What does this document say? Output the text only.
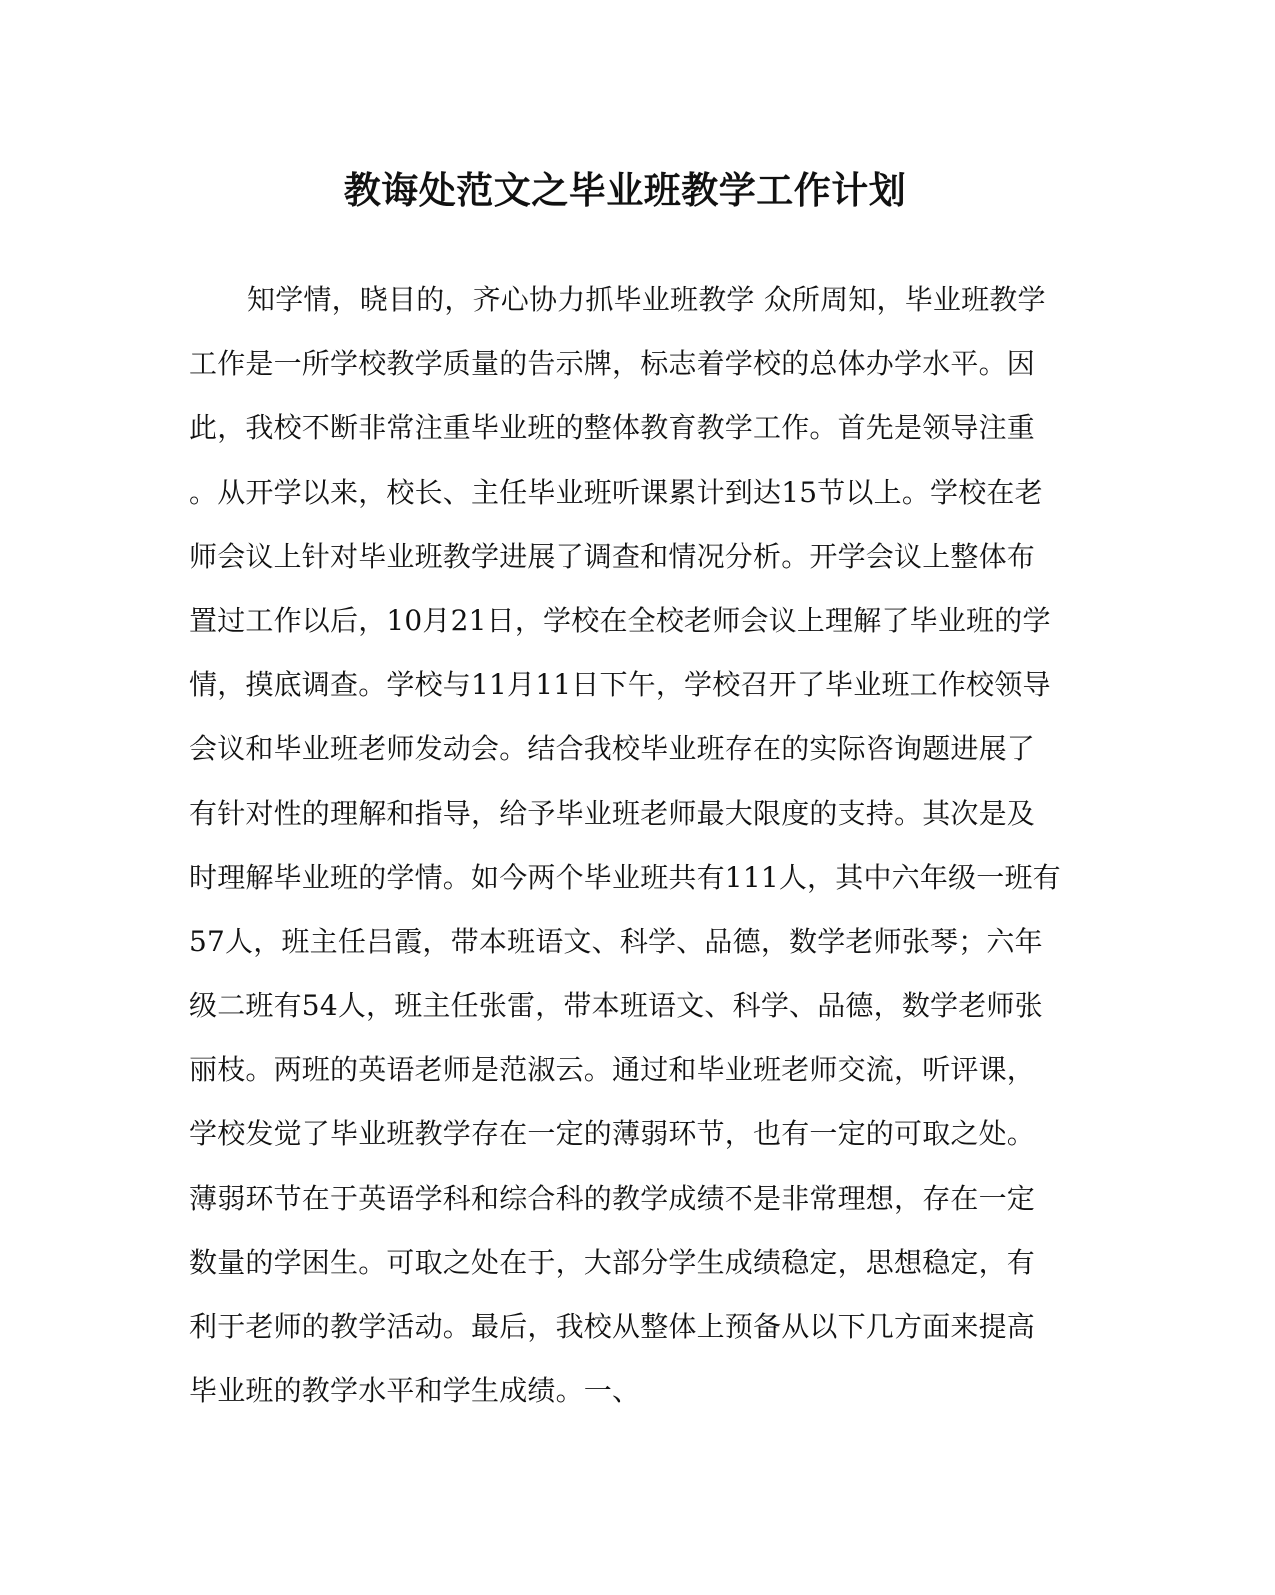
教诲处范文之毕业班教学工作计划
知学情，晓目的，齐心协力抓毕业班教学 众所周知，毕业班教学
工作是一所学校教学质量的告示牌，标志着学校的总体办学水平。因
此，我校不断非常注重毕业班的整体教育教学工作。首先是领导注重
。从开学以来，校长、主任毕业班听课累计到达15节以上。学校在老
师会议上针对毕业班教学进展了调查和情况分析。开学会议上整体布
置过工作以后，10月21日，学校在全校老师会议上理解了毕业班的学
情，摸底调查。学校与11月11日下午，学校召开了毕业班工作校领导
会议和毕业班老师发动会。结合我校毕业班存在的实际咨询题进展了
有针对性的理解和指导，给予毕业班老师最大限度的支持。其次是及
时理解毕业班的学情。如今两个毕业班共有111人，其中六年级一班有
57人，班主任吕霞，带本班语文、科学、品德，数学老师张琴；六年
级二班有54人，班主任张雷，带本班语文、科学、品德，数学老师张
丽枝。两班的英语老师是范淑云。通过和毕业班老师交流，听评课，
学校发觉了毕业班教学存在一定的薄弱环节，也有一定的可取之处。
薄弱环节在于英语学科和综合科的教学成绩不是非常理想，存在一定
数量的学困生。可取之处在于，大部分学生成绩稳定，思想稳定，有
利于老师的教学活动。最后，我校从整体上预备从以下几方面来提高
毕业班的教学水平和学生成绩。一、
